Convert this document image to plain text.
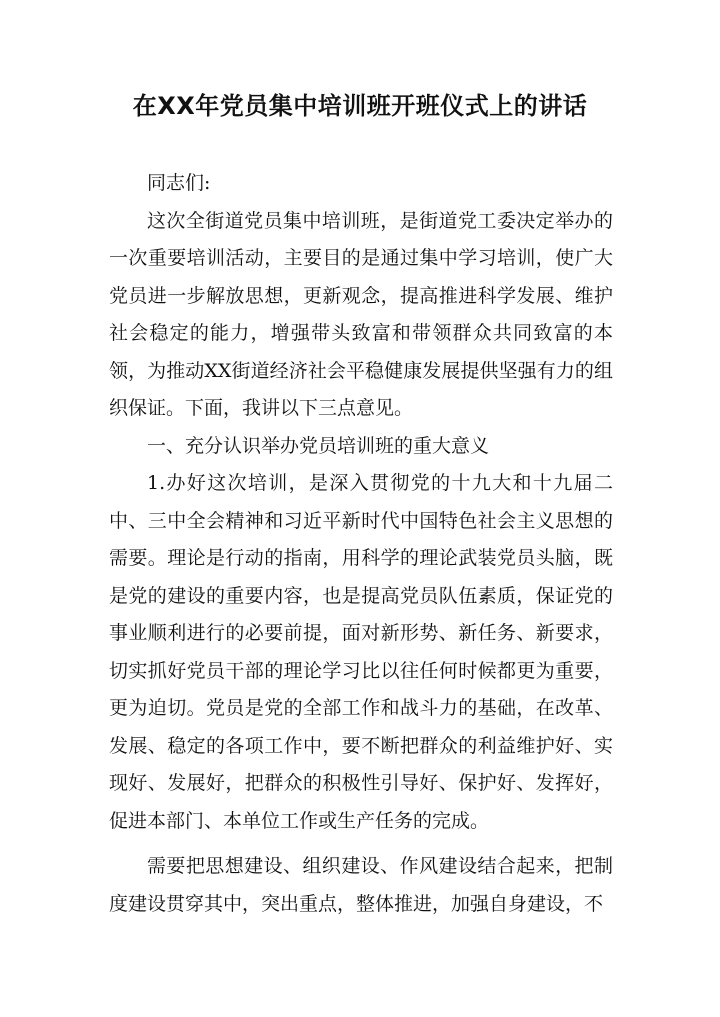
在XX年党员集中培训班开班仪式上的讲话

同志们:

这次全街道党员集中培训班，是街道党工委决定举办的一次重要培训活动，主要目的是通过集中学习培训，使广大党员进一步解放思想，更新观念，提高推进科学发展、维护社会稳定的能力，增强带头致富和带领群众共同致富的本领，为推动XX街道经济社会平稳健康发展提供坚强有力的组织保证。下面，我讲以下三点意见。

一、充分认识举办党员培训班的重大意义

1.办好这次培训，是深入贯彻党的十九大和十九届二中、三中全会精神和习近平新时代中国特色社会主义思想的需要。理论是行动的指南，用科学的理论武装党员头脑，既是党的建设的重要内容，也是提高党员队伍素质，保证党的事业顺利进行的必要前提，面对新形势、新任务、新要求，切实抓好党员干部的理论学习比以往任何时候都更为重要，更为迫切。党员是党的全部工作和战斗力的基础，在改革、发展、稳定的各项工作中，要不断把群众的利益维护好、实现好、发展好，把群众的积极性引导好、保护好、发挥好，促进本部门、本单位工作或生产任务的完成。

需要把思想建设、组织建设、作风建设结合起来，把制度建设贯穿其中，突出重点，整体推进，加强自身建设，不
